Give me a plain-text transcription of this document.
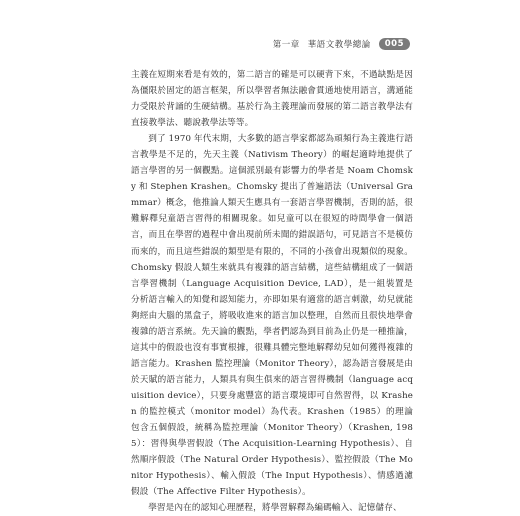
第一章 華語文教學總論	005

主義在短期來看是有效的，第二語言的確是可以硬背下來，不過缺點是因為僵限於固定的語言框架，所以學習者無法融會貫通地使用語言，溝通能力受限於背誦的生硬結構。基於行為主義理論而發展的第二語言教學法有直接教學法、聽說教學法等等。

到了 1970 年代末期，大多數的語言學家都認為頑頻行為主義進行語言教學是不足的，先天主義（Nativism Theory）的崛起適時地提供了語言學習的另一個觀點。這個派別最有影響力的學者是 Noam Chomsky 和 Stephen Krashen。Chomsky 提出了普遍語法（Universal Grammar）概念，他推論人類天生應具有一套語言學習機制，否則的話，很難解釋兒童語言習得的相關現象。如兒童可以在很短的時間學會一個語言，而且在學習的過程中會出現前所未聞的錯誤語句，可見語言不是模仿而來的，而且這些錯誤的類型是有限的，不同的小孩會出現類似的現象。Chomsky 假設人類生來就具有複雜的語言結構，這些結構組成了一個語言學習機制（Language Acquisition Device, LAD），是一組裝置是分析語言輸入的知覺和認知能力，亦即如果有適當的語言刺激，幼兒就能夠經由大腦的黑盒子，將吸收進來的語言加以整理，自然而且很快地學會複雜的語言系統。先天論的觀點，學者們認為到目前為止仍是一種推論，這其中的假設也沒有事實根據，很難具體完整地解釋幼兒如何獲得複雜的語言能力。Krashen 監控理論（Monitor Theory），認為語言發展是由於天賦的語言能力，人類具有與生俱來的語言習得機制（language acquisition device），只要身處豐富的語言環境即可自然習得，以 Krashen 的監控模式（monitor model）為代表。Krashen（1985）的理論包含五個假設，統稱為監控理論（Monitor Theory）（Krashen, 1985）：習得與學習假設（The Acquisition-Learning Hypothesis）、自然順序假設（The Natural Order Hypothesis）、監控假設（The Monitor Hypothesis）、輸入假設（The Input Hypothesis）、情感過濾假設（The Affective Filter Hypothesis）。

學習是內在的認知心理歷程，將學習解釋為編碼輸入、記憶儲存、
